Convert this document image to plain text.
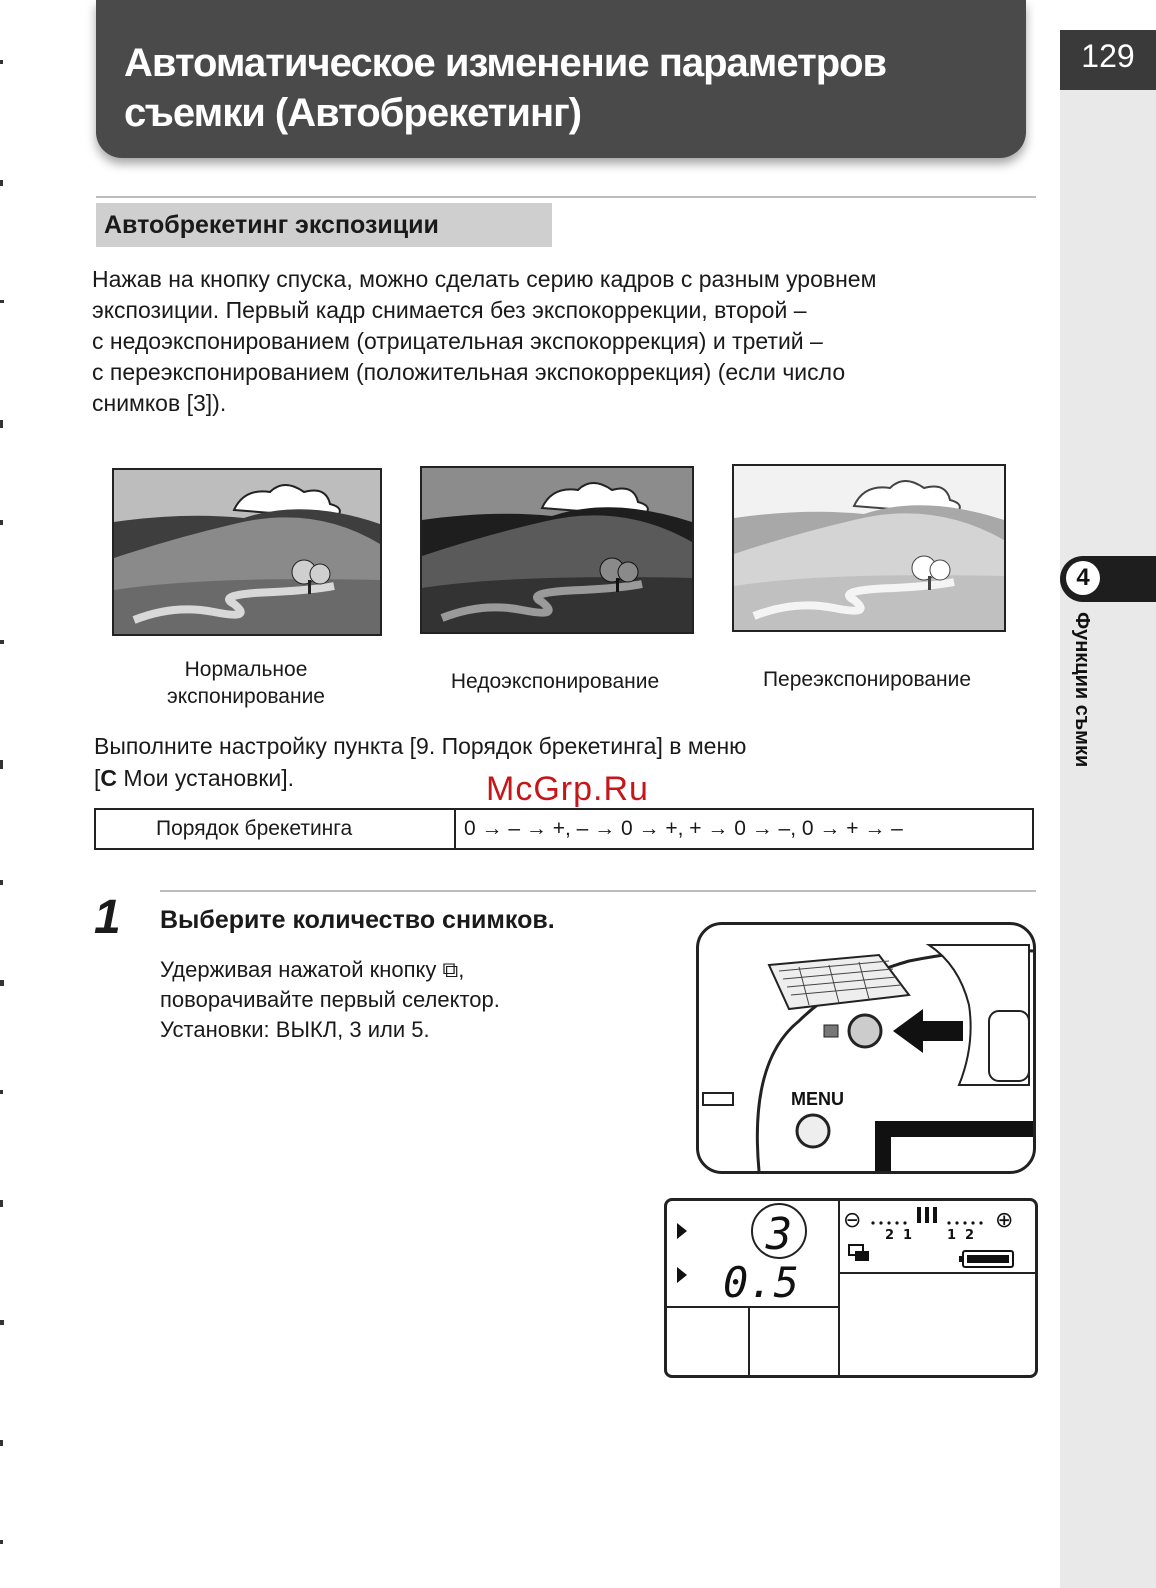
Автоматическое изменение параметров
съемки (Автобрекетинг)
129
4
Функции съмки
Автобрекетинг экспозиции
Нажав на кнопку спуска, можно сделать серию кадров с разным уровнем
экспозиции. Первый кадр снимается без экспокоррекции, второй –
с недоэкспонированием (отрицательная экспокоррекция) и третий –
с переэкспонированием (положительная экспокоррекция) (если число
снимков [3]).
Нормальное
экспонирование
Недоэкспонирование	Переэкспонирование
Выполните настройку пункта [9. Порядок брекетинга] в меню
[С Мои установки].	McGrp.Ru
Порядок брекетинга	0 → – → +, – → 0 → +, + → 0 → –, 0 → + → –
1 Выберите количество снимков.
Удерживая нажатой кнопку ⧉,
поворачивайте первый селектор.
Установки: ВЫКЛ, 3 или 5.
MENU
3
0.5
⊖	⊕
2 1	1 2
